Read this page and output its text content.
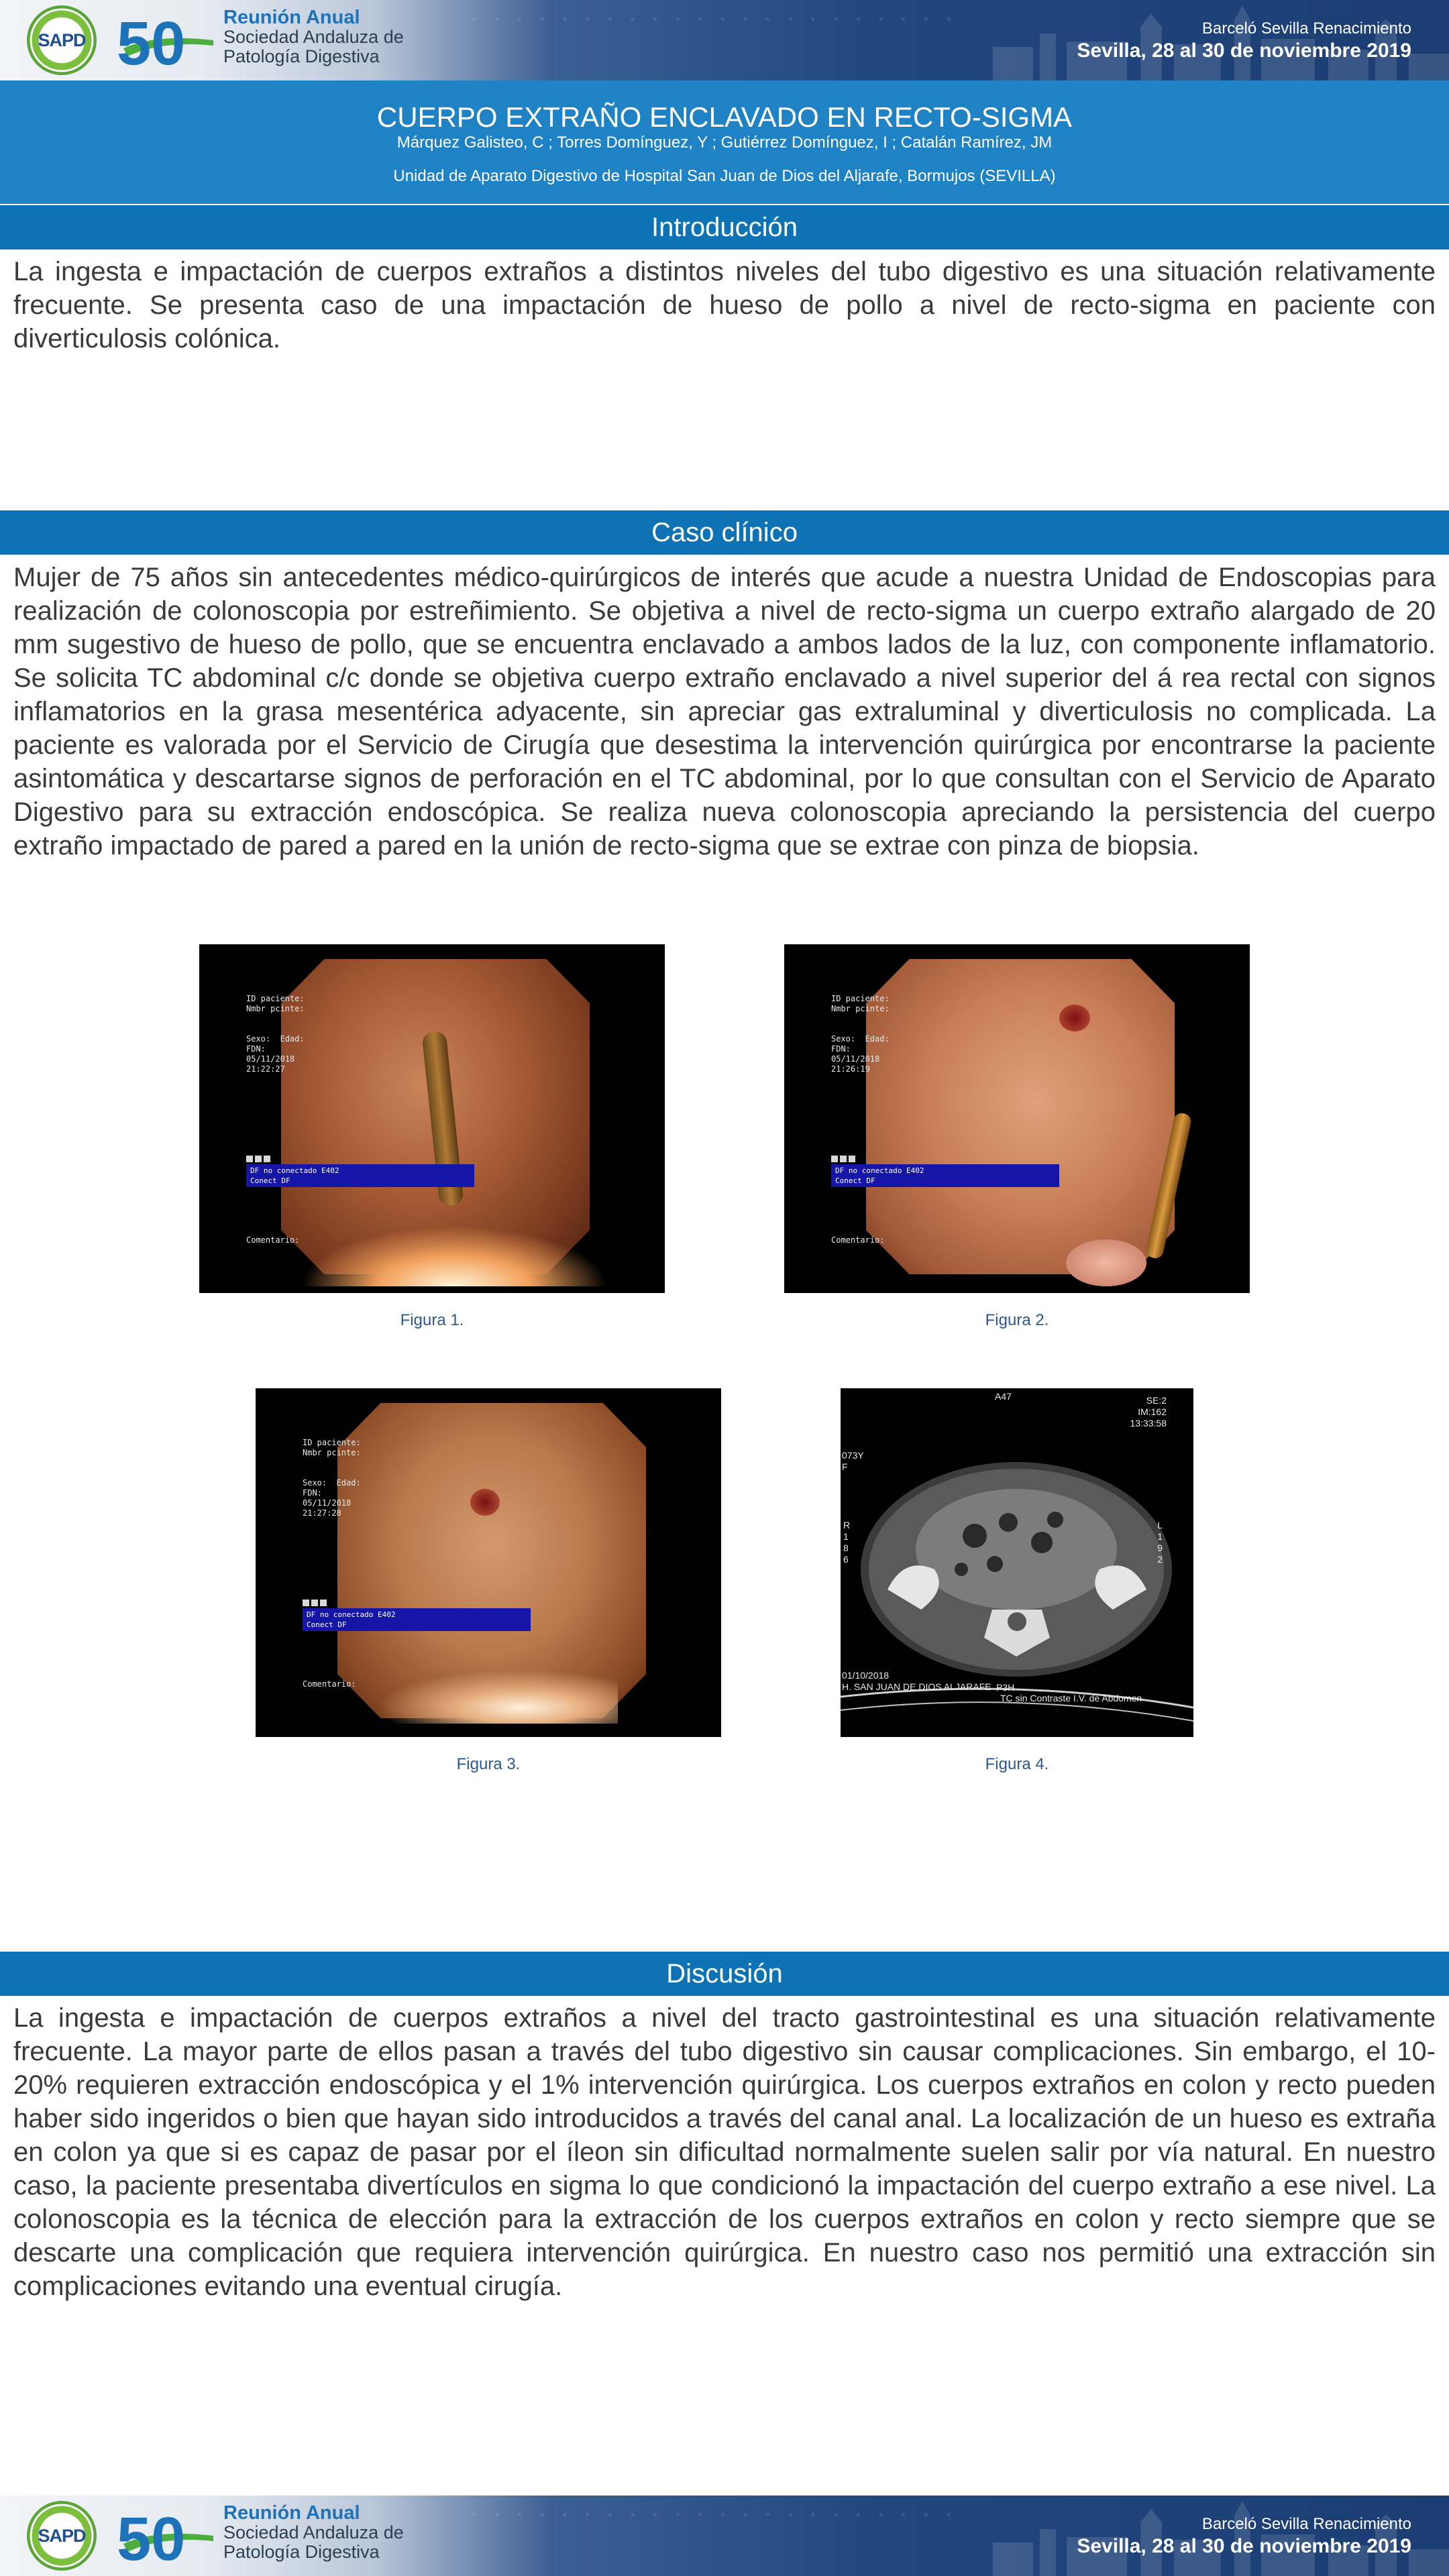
· · · · · · · · · · · · · · · · · · · · · ·
SAPD 50 Reunión Anual
Sociedad Andaluza de
Patología Digestiva
Barceló Sevilla Renacimiento
Sevilla, 28 al 30 de noviembre 2019
CUERPO EXTRAÑO ENCLAVADO EN RECTO-SIGMA
Márquez Galisteo, C ; Torres Domínguez, Y ; Gutiérrez Domínguez, I ; Catalán Ramírez, JM
Unidad de Aparato Digestivo de Hospital San Juan de Dios del Aljarafe, Bormujos (SEVILLA)
Introducción
La ingesta e impactación de cuerpos extraños a distintos niveles del tubo digestivo es una situación relativamente frecuente. Se presenta caso de una impactación de hueso de pollo a nivel de recto-sigma en paciente con diverticulosis colónica.
Caso clínico
Mujer de 75 años sin antecedentes médico-quirúrgicos de interés que acude a nuestra Unidad de Endoscopias para realización de colonoscopia por estreñimiento. Se objetiva a nivel de recto-sigma un cuerpo extraño alargado de 20 mm sugestivo de hueso de pollo, que se encuentra enclavado a ambos lados de la luz, con componente inflamatorio. Se solicita TC abdominal c/c donde se objetiva cuerpo extraño enclavado a nivel superior del á rea rectal con signos inflamatorios en la grasa mesentérica adyacente, sin apreciar gas extraluminal y diverticulosis no complicada. La paciente es valorada por el Servicio de Cirugía que desestima la intervención quirúrgica por encontrarse la paciente asintomática y descartarse signos de perforación en el TC abdominal, por lo que consultan con el Servicio de Aparato Digestivo para su extracción endoscópica. Se realiza nueva colonoscopia apreciando la persistencia del cuerpo extraño impactado de pared a pared en la unión de recto-sigma que se extrae con pinza de biopsia.
ID paciente:
Nmbr pcinte:

Sexo:  Edad:
FDN:
05/11/2018
21:22:27
DF no conectado E402
Conect DF
Comentario:
Figura 1.
ID paciente:
Nmbr pcinte:

Sexo:  Edad:
FDN:
05/11/2018
21:26:19
DF no conectado E402
Conect DF
Comentario:
Figura 2.
ID paciente:
Nmbr pcinte:

Sexo:  Edad:
FDN:
05/11/2018
21:27:28
DF no conectado E402
Conect DF
Comentario:
Figura 3.
A47	SE:2
IM:162
13:33:58
073Y
F
R
1
8
6
L
1
9
2
01/10/2018
H. SAN JUAN DE DIOS ALJARAFE P3H
TC sin Contraste I.V. de Abdomen
Figura 4.
Discusión
La ingesta e impactación de cuerpos extraños a nivel del tracto gastrointestinal es una situación relativamente frecuente. La mayor parte de ellos pasan a través del tubo digestivo sin causar complicaciones. Sin embargo, el 10-20% requieren extracción endoscópica y el 1% intervención quirúrgica. Los cuerpos extraños en colon y recto pueden haber sido ingeridos o bien que hayan sido introducidos a través del canal anal. La localización de un hueso es extraña en colon ya que si es capaz de pasar por el íleon sin dificultad normalmente suelen salir por vía natural. En nuestro caso, la paciente presentaba divertículos en sigma lo que condicionó la impactación del cuerpo extraño a ese nivel. La colonoscopia es la técnica de elección para la extracción de los cuerpos extraños en colon y recto siempre que se descarte una complicación que requiera intervención quirúrgica. En nuestro caso nos permitió una extracción sin complicaciones evitando una eventual cirugía.
· · · · · · · · · · · · · · · · · · · · · ·
SAPD 50 Reunión Anual
Sociedad Andaluza de
Patología Digestiva
Barceló Sevilla Renacimiento
Sevilla, 28 al 30 de noviembre 2019
